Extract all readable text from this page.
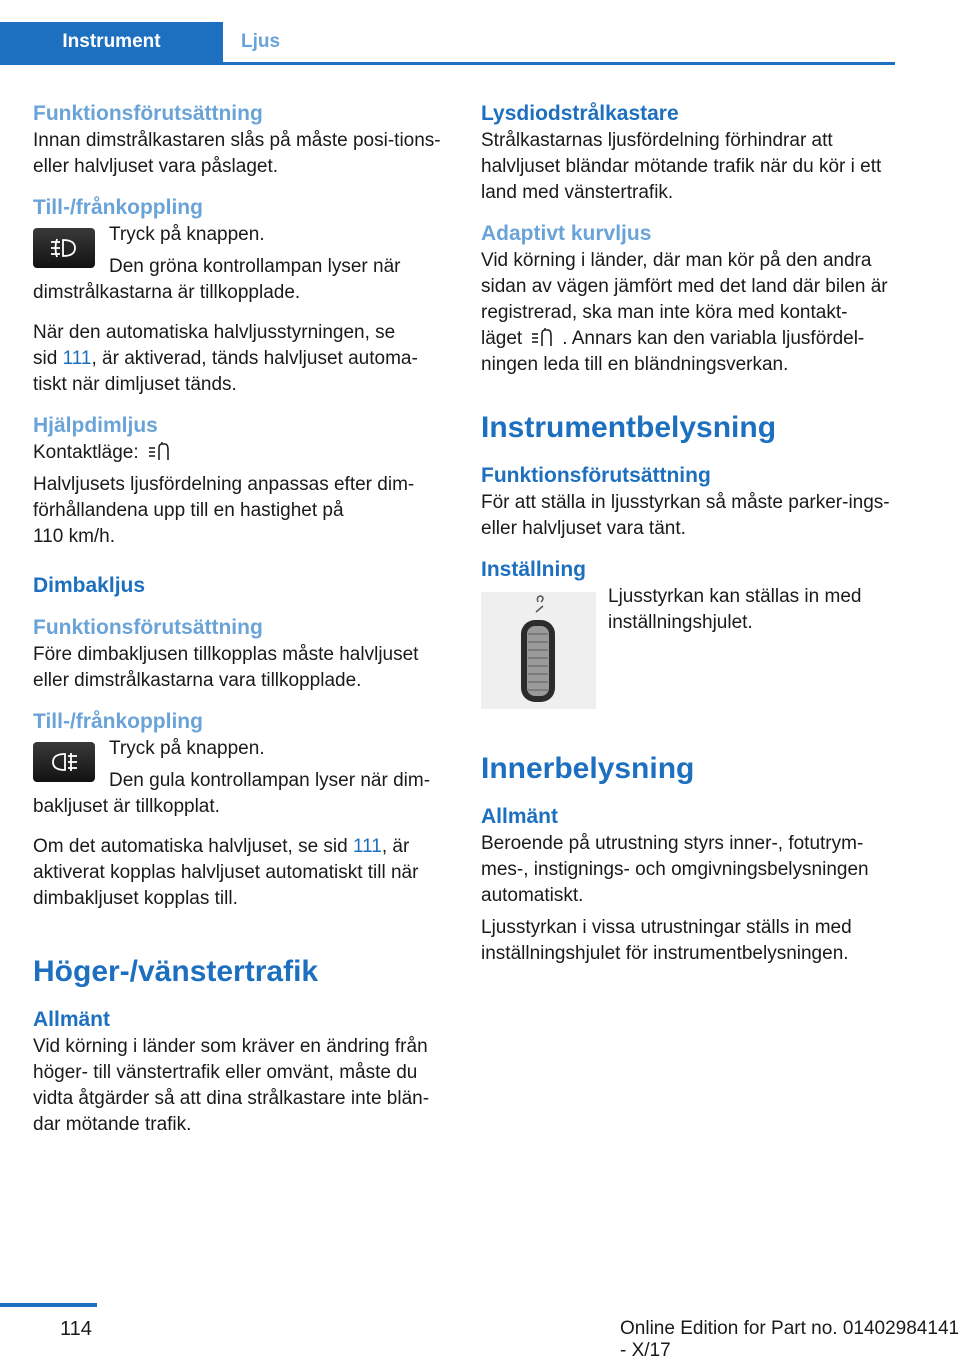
Instrument	Ljus
Funktionsförutsättning

Innan dimstrålkastaren slås på måste posi-tions- eller halvljuset vara påslaget.

Till-/frånkoppling

Tryck på knappen.

Den gröna kontrollampan lyser när

dimstrålkastarna är tillkopplade.

När den automatiska halvljusstyrningen, se

sid 111, är aktiverad, tänds halvljuset automa-

tiskt när dimljuset tänds.

Hjälpdimljus

Kontaktläge:

Halvljusets ljusfördelning anpassas efter dim-

förhållandena upp till en hastighet på

110 km/h.

Dimbakljus
Funktionsförutsättning

Före dimbakljusen tillkopplas måste halvljuset eller dimstrålkastarna vara tillkopplade.

Till-/frånkoppling

Tryck på knappen.

Den gula kontrollampan lyser när dim-

bakljuset är tillkopplat.

Om det automatiska halvljuset, se sid 111, är aktiverat kopplas halvljuset automatiskt till när dimbakljuset kopplas till.

Höger-/vänstertrafik
Allmänt

Vid körning i länder som kräver en ändring från höger- till vänstertrafik eller omvänt, måste du vidta åtgärder så att dina strålkastare inte blän-dar mötande trafik.

Lysdiodstrålkastare

Strålkastarnas ljusfördelning förhindrar att halvljuset bländar mötande trafik när du kör i ett land med vänstertrafik.

Adaptivt kurvljus

Vid körning i länder, där man kör på den andra sidan av vägen jämfört med det land där bilen är registrerad, ska man inte köra med kontakt-

läget . Annars kan den variabla ljusfördel-

ningen leda till en bländningsverkan.

Instrumentbelysning
Funktionsförutsättning

För att ställa in ljusstyrkan så måste parker-ings- eller halvljuset vara tänt.

Inställning

Ljusstyrkan kan ställas in med inställningshjulet.

Innerbelysning
Allmänt

Beroende på utrustning styrs inner-, fotutrym-mes-, instignings- och omgivningsbelysningen automatiskt.

Ljusstyrkan i vissa utrustningar ställs in med inställningshjulet för instrumentbelysningen.

114	Online Edition for Part no. 01402984141 - X/17
